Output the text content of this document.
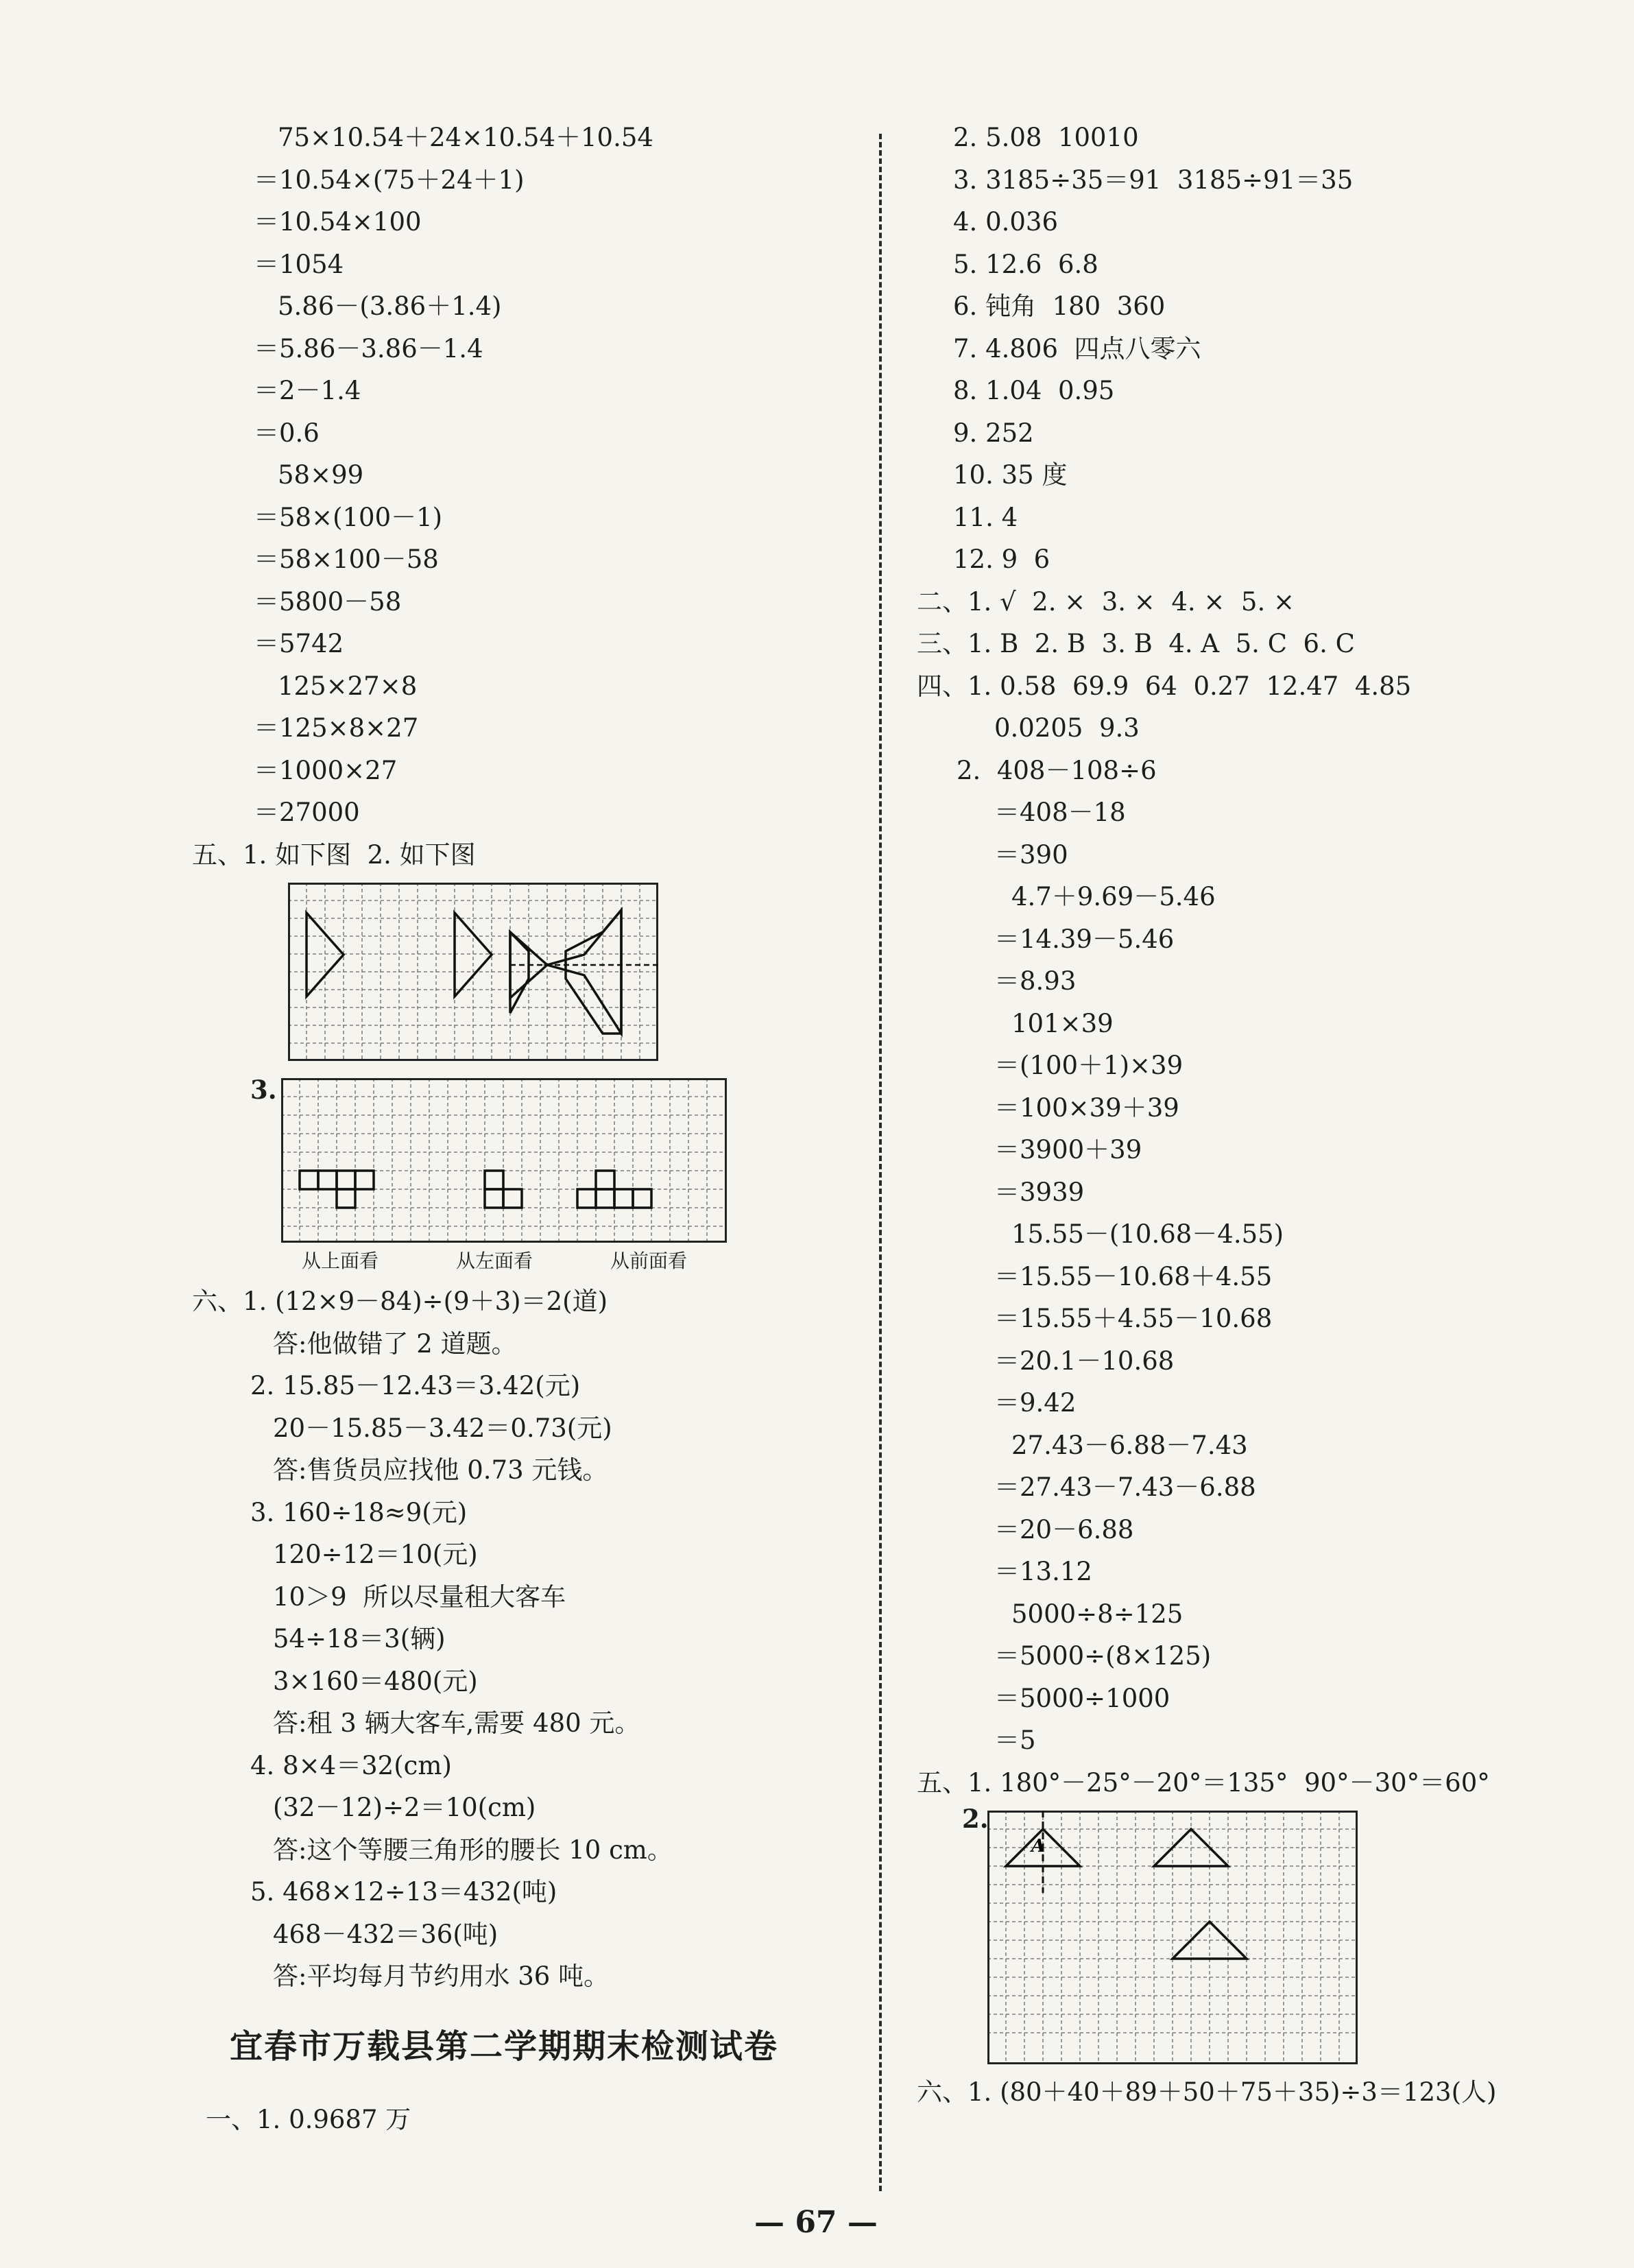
75×10.54＋24×10.54＋10.54
＝10.54×(75＋24＋1)
＝10.54×100
＝1054
5.86－(3.86＋1.4)
＝5.86－3.86－1.4
＝2－1.4
＝0.6
58×99
＝58×(100－1)
＝58×100－58
＝5800－58
＝5742
125×27×8
＝125×8×27
＝1000×27
＝27000
五、1. 如下图  2. 如下图
3.
从上面看	从左面看	从前面看
六、1. (12×9－84)÷(9＋3)＝2(道)
答:他做错了 2 道题。
2. 15.85－12.43＝3.42(元)
20－15.85－3.42＝0.73(元)
答:售货员应找他 0.73 元钱。
3. 160÷18≈9(元)
120÷12＝10(元)
10＞9  所以尽量租大客车
54÷18＝3(辆)
3×160＝480(元)
答:租 3 辆大客车,需要 480 元。
4. 8×4＝32(cm)
(32－12)÷2＝10(cm)
答:这个等腰三角形的腰长 10 cm。
5. 468×12÷13＝432(吨)
468－432＝36(吨)
答:平均每月节约用水 36 吨。
宜春市万载县第二学期期末检测试卷
一、1. 0.9687 万
2. 5.08  10010
3. 3185÷35＝91  3185÷91＝35
4. 0.036
5. 12.6  6.8
6. 钝角  180  360
7. 4.806  四点八零六
8. 1.04  0.95
9. 252
10. 35 度
11. 4
12. 9  6
二、1. √  2. ×  3. ×  4. ×  5. ×
三、1. B  2. B  3. B  4. A  5. C  6. C
四、1. 0.58  69.9  64  0.27  12.47  4.85
0.0205  9.3
2.  408－108÷6
＝408－18
＝390
4.7＋9.69－5.46
＝14.39－5.46
＝8.93
101×39
＝(100＋1)×39
＝100×39＋39
＝3900＋39
＝3939
15.55－(10.68－4.55)
＝15.55－10.68＋4.55
＝15.55＋4.55－10.68
＝20.1－10.68
＝9.42
27.43－6.88－7.43
＝27.43－7.43－6.88
＝20－6.88
＝13.12
5000÷8÷125
＝5000÷(8×125)
＝5000÷1000
＝5
五、1. 180°－25°－20°＝135°  90°－30°＝60°
2.
A
六、1. (80＋40＋89＋50＋75＋35)÷3＝123(人)
— 67 —
